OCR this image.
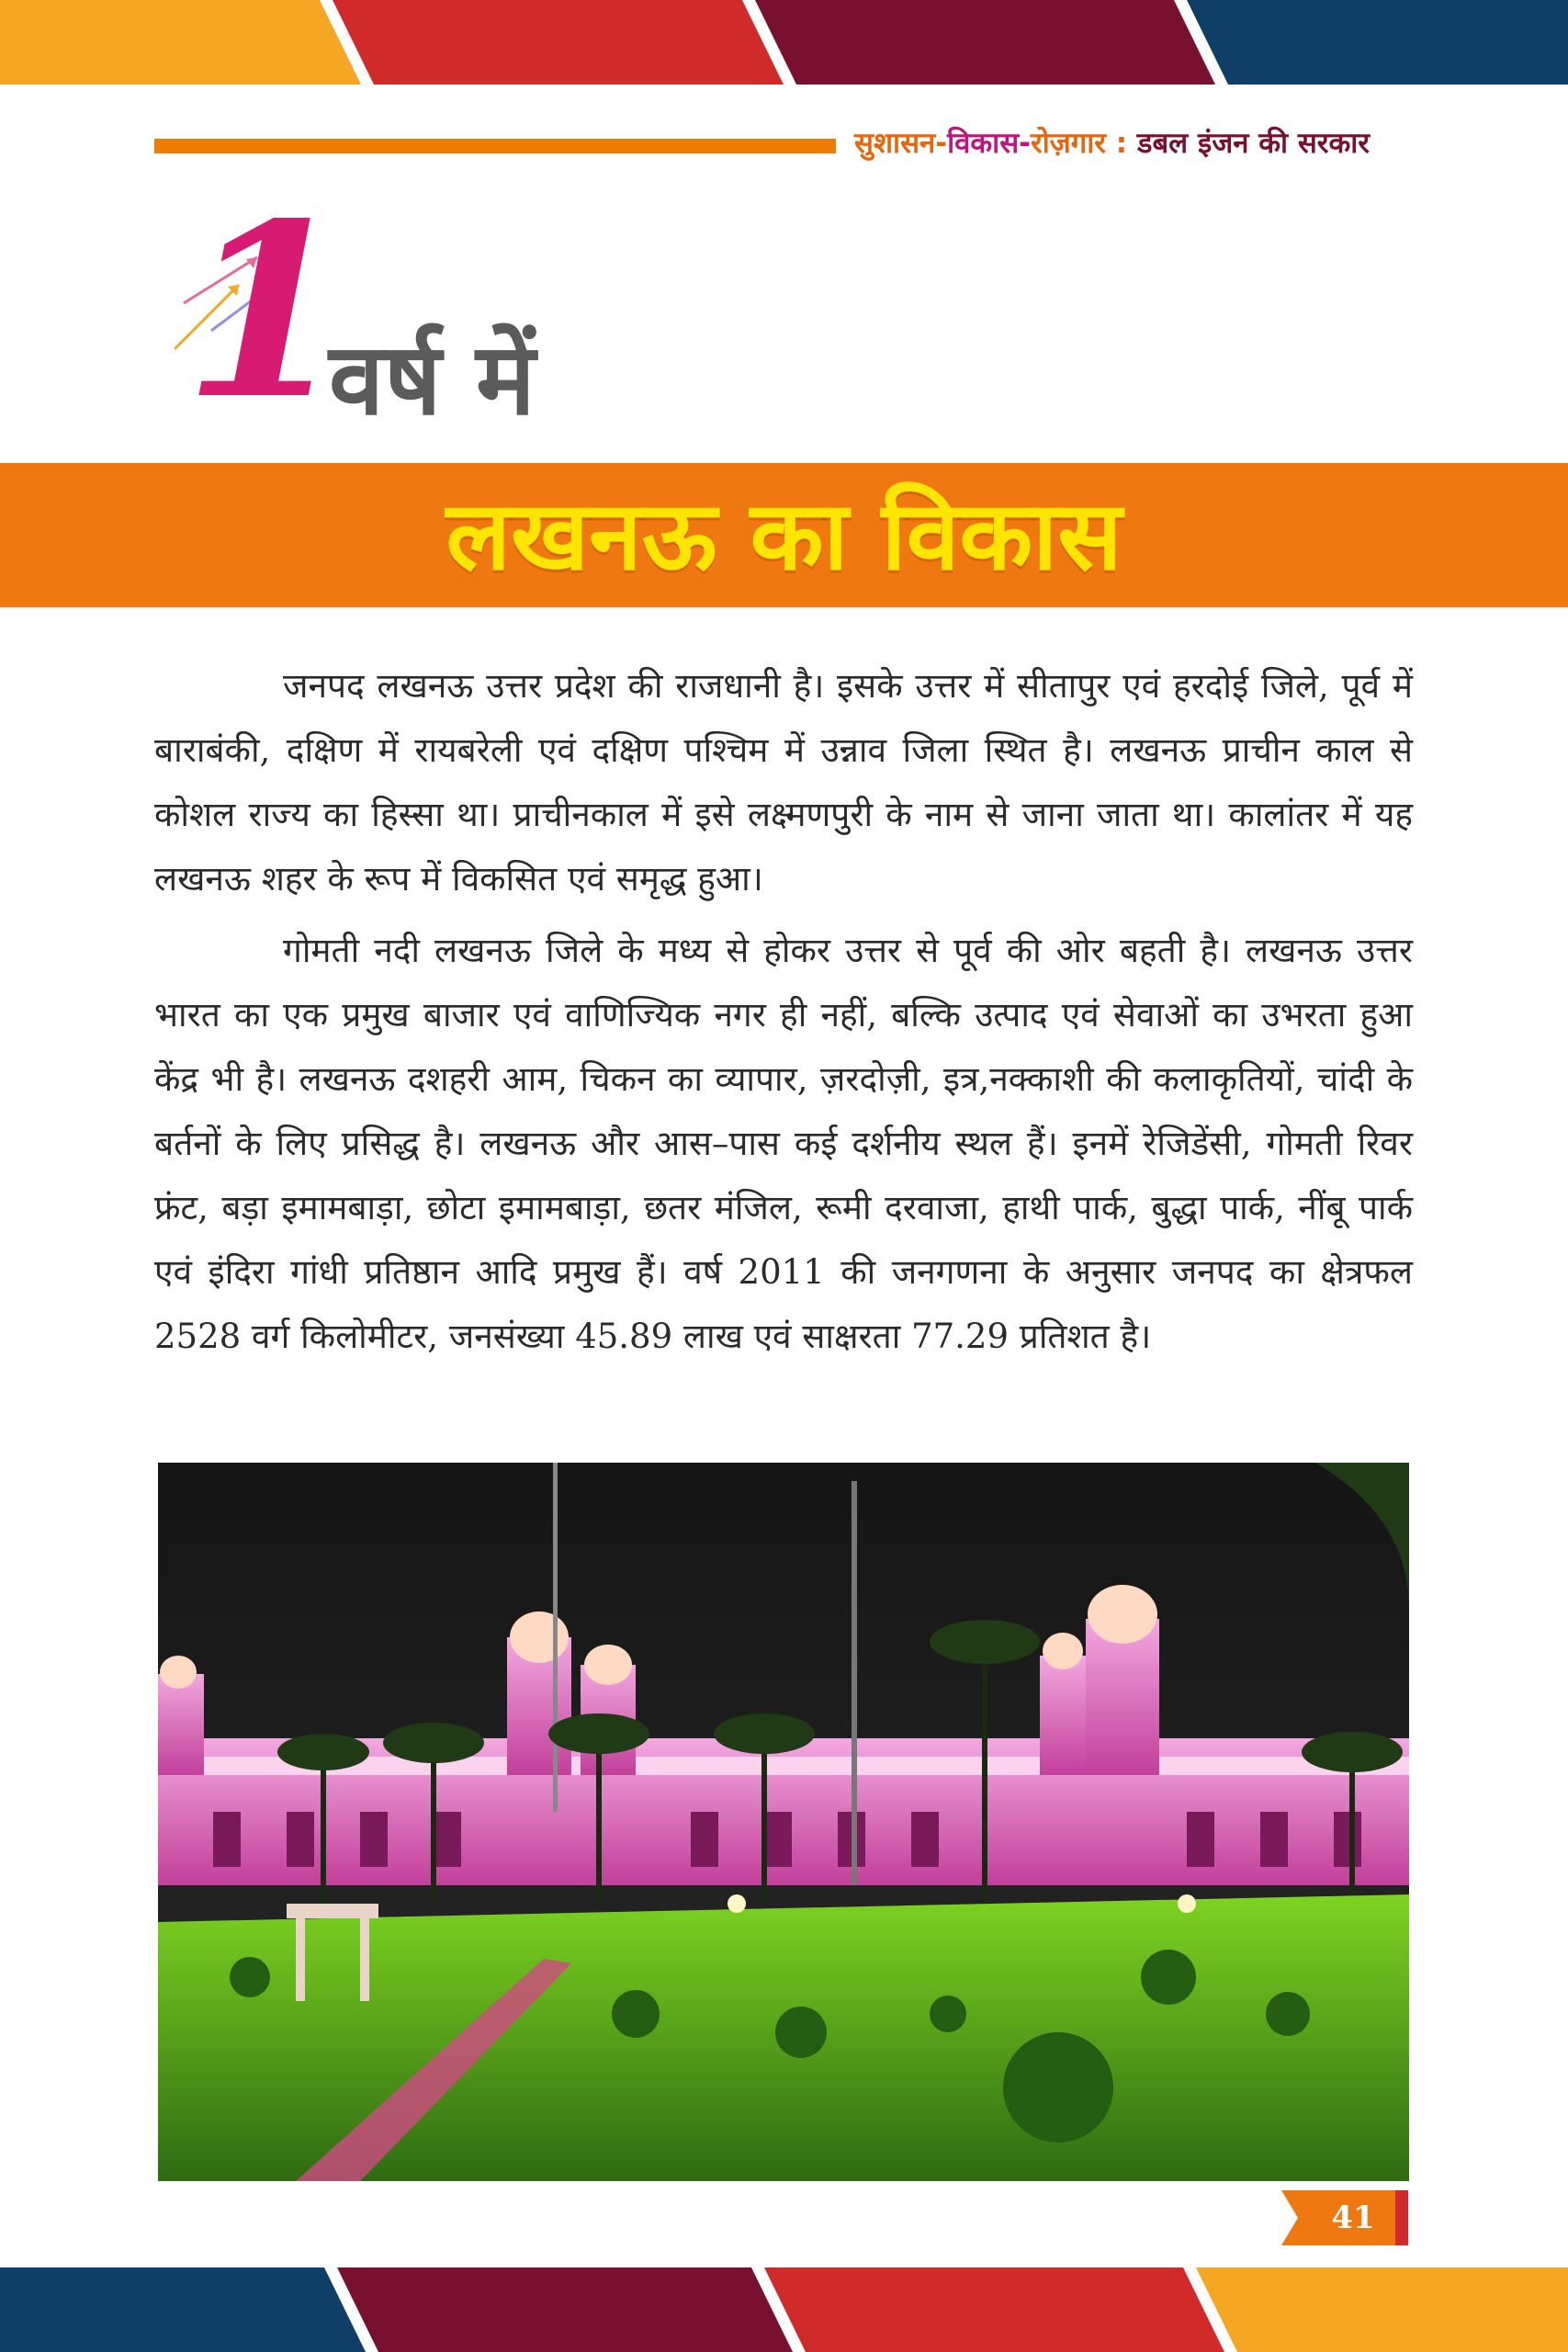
सुशासन-विकास-रोज़गार : डबल इंजन की सरकार
1
वर्ष में
लखनऊ का विकास

जनपद लखनऊ उत्तर प्रदेश की राजधानी है। इसके उत्तर में सीतापुर एवं हरदोई जिले, पूर्व में बाराबंकी, दक्षिण में रायबरेली एवं दक्षिण पश्चिम में उन्नाव जिला स्थित है। लखनऊ प्राचीन काल से कोशल राज्य का हिस्सा था। प्राचीनकाल में इसे लक्ष्मणपुरी के नाम से जाना जाता था। कालांतर में यह लखनऊ शहर के रूप में विकसित एवं समृद्ध हुआ।

गोमती नदी लखनऊ जिले के मध्य से होकर उत्तर से पूर्व की ओर बहती है। लखनऊ उत्तर भारत का एक प्रमुख बाजार एवं वाणिज्यिक नगर ही नहीं, बल्कि उत्पाद एवं सेवाओं का उभरता हुआ केंद्र भी है। लखनऊ दशहरी आम, चिकन का व्यापार, ज़रदोज़ी, इत्र,नक्काशी की कलाकृतियों, चांदी के बर्तनों के लिए प्रसिद्ध है। लखनऊ और आस–पास कई दर्शनीय स्थल हैं। इनमें रेजिडेंसी, गोमती रिवर फ्रंट, बड़ा इमामबाड़ा, छोटा इमामबाड़ा, छतर मंजिल, रूमी दरवाजा, हाथी पार्क, बुद्धा पार्क, नींबू पार्क एवं इंदिरा गांधी प्रतिष्ठान आदि प्रमुख हैं। वर्ष 2011 की जनगणना के अनुसार जनपद का क्षेत्रफल 2528 वर्ग किलोमीटर, जनसंख्या 45.89 लाख एवं साक्षरता 77.29 प्रतिशत है।

41
